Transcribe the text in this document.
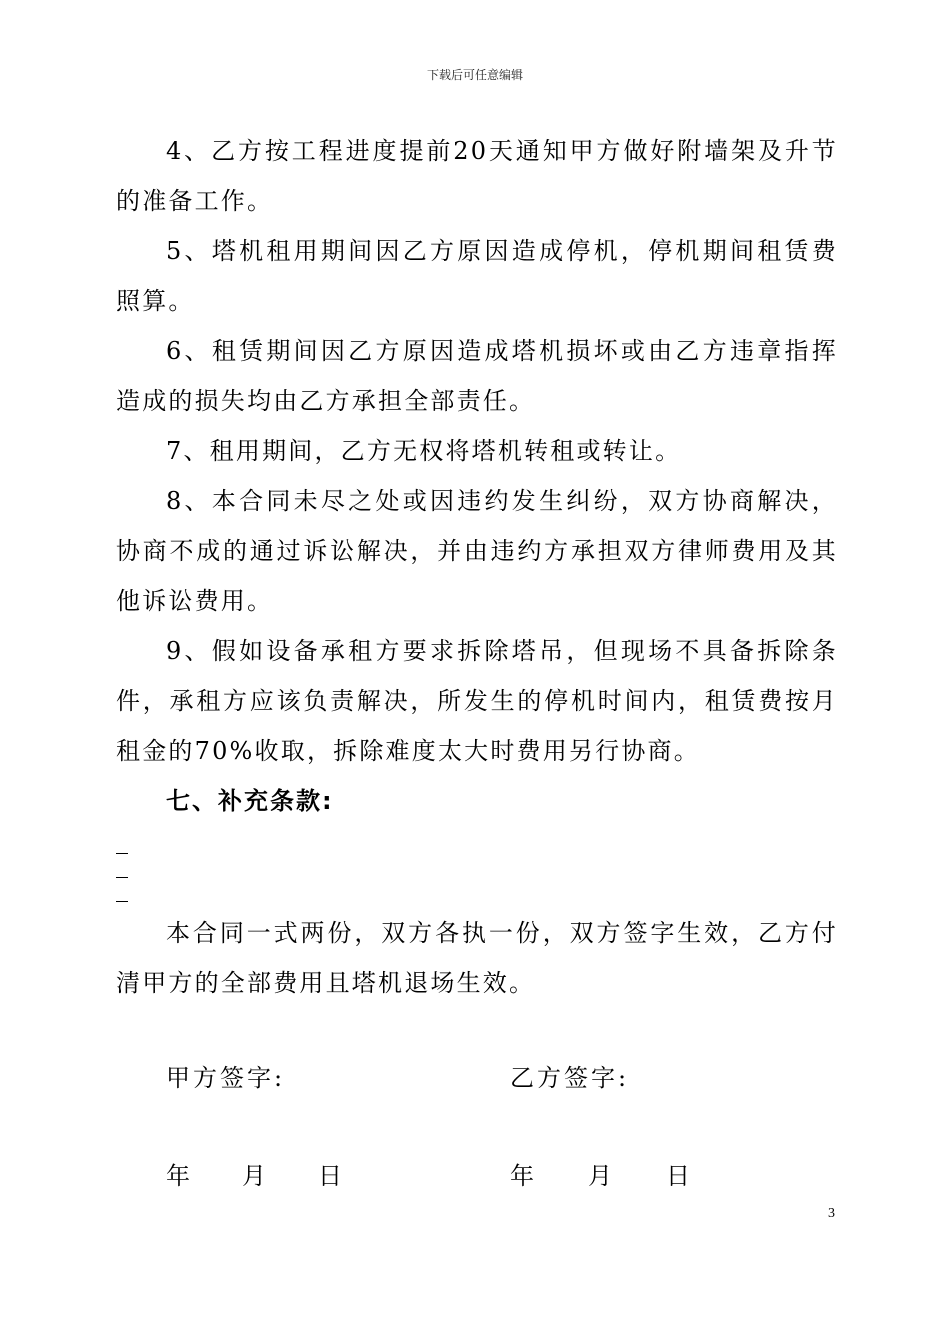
下载后可任意编辑

4、乙方按工程进度提前20天通知甲方做好附墙架及升节的准备工作。

5、塔机租用期间因乙方原因造成停机，停机期间租赁费照算。

6、租赁期间因乙方原因造成塔机损坏或由乙方违章指挥造成的损失均由乙方承担全部责任。

7、租用期间，乙方无权将塔机转租或转让。

8、本合同未尽之处或因违约发生纠纷，双方协商解决，协商不成的通过诉讼解决，并由违约方承担双方律师费用及其他诉讼费用。

9、假如设备承租方要求拆除塔吊，但现场不具备拆除条件，承租方应该负责解决，所发生的停机时间内，租赁费按月租金的70%收取，拆除难度太大时费用另行协商。

七、补充条款:

本合同一式两份，双方各执一份，双方签字生效，乙方付清甲方的全部费用且塔机退场生效。

甲方签字:	乙方签字:
年 月 日	年 月 日
3
